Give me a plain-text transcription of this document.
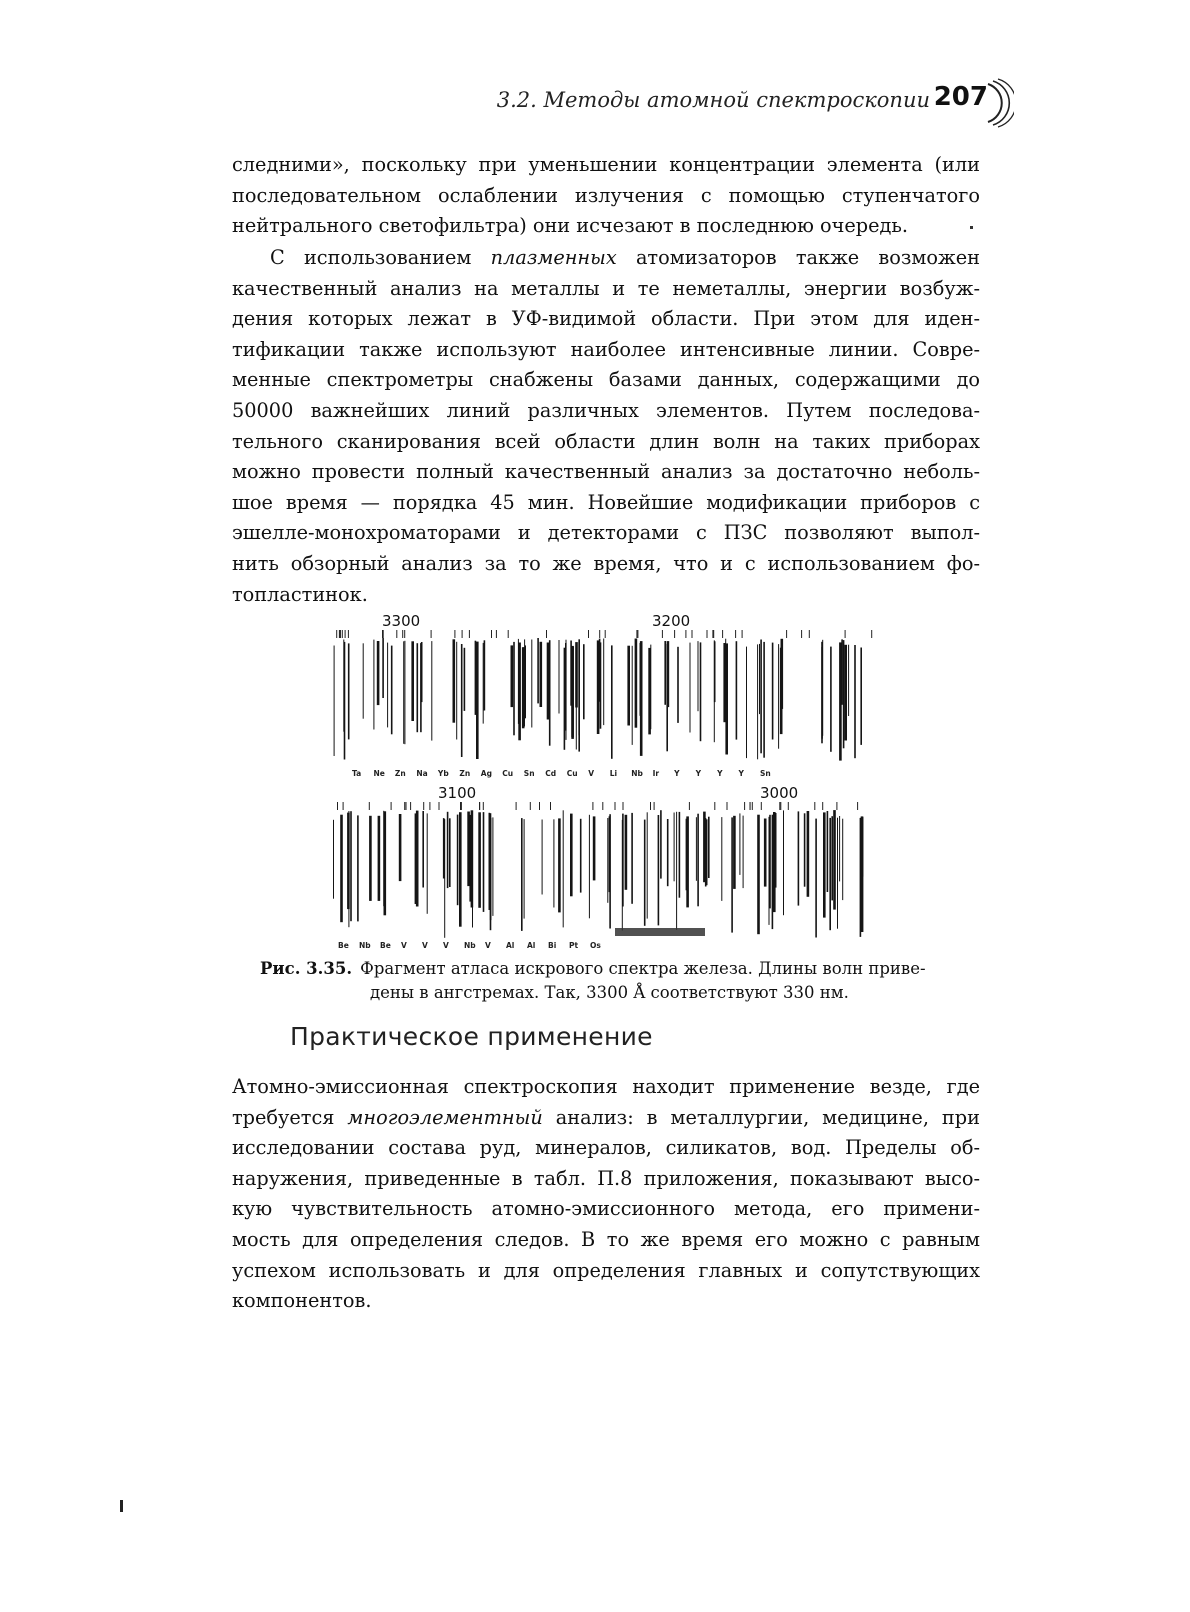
3.2. Методы атомной спектроскопии 207
следними», поскольку при уменьшении концентрации элемента (или
последовательном ослаблении излучения с помощью ступенчатого
нейтрального светофильтра) они исчезают в последнюю очередь.
С использованием плазменных атомизаторов также возможен
качественный анализ на металлы и те неметаллы, энергии возбуж-
дения которых лежат в УФ-видимой области. При этом для иден-
тификации также используют наиболее интенсивные линии. Совре-
менные спектрометры снабжены базами данных, содержащими до
50000 важнейших линий различных элементов. Путем последова-
тельного сканирования всей области длин волн на таких приборах
можно провести полный качественный анализ за достаточно неболь-
шое время — порядка 45 мин. Новейшие модификации приборов с
эшелле-монохроматорами и детекторами с ПЗС позволяют выпол-
нить обзорный анализ за то же время, что и с использованием фо-
топластинок.
3300	3200
Ta Ne Zn Na Yb Zn Ag Cu Sn Cd Cu V Li Nb Ir Y Y Y Y Sn
3100	3000
Be Nb Be V V V Nb V Al Al Bi Pt Os
Рис. 3.35. Фрагмент атласа искрового спектра железа. Длины волн приве-
дены в ангстремах. Так, 3300 Å соответствуют 330 нм.
Практическое применение
Атомно-эмиссионная спектроскопия находит применение везде, где
требуется многоэлементный анализ: в металлургии, медицине, при
исследовании состава руд, минералов, силикатов, вод. Пределы об-
наружения, приведенные в табл. П.8 приложения, показывают высо-
кую чувствительность атомно-эмиссионного метода, его примени-
мость для определения следов. В то же время его можно с равным
успехом использовать и для определения главных и сопутствующих
компонентов.
